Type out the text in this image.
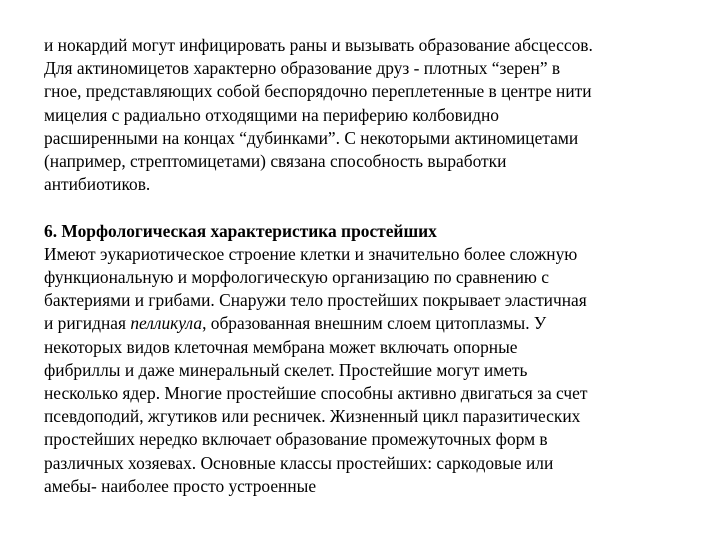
и нокардий могут инфицировать раны и вызывать образование абсцессов.
Для актиномицетов характерно образование друз - плотных “зерен” в
гное, представляющих собой беспорядочно переплетенные в центре нити
мицелия с радиально отходящими на периферию колбовидно
расширенными на концах “дубинками”. С некоторыми актиномицетами
(например, стрептомицетами) связана способность выработки
антибиотиков.
6. Морфологическая характеристика простейших
Имеют эукариотическое строение клетки и значительно более сложную
функциональную и морфологическую организацию по сравнению с
бактериями и грибами. Снаружи тело простейших покрывает эластичная
и ригидная пелликула, образованная внешним слоем цитоплазмы. У
некоторых видов клеточная мембрана может включать опорные
фибриллы и даже минеральный скелет. Простейшие могут иметь
несколько ядер. Многие простейшие способны активно двигаться за счет
псевдоподий, жгутиков или ресничек. Жизненный цикл паразитических
простейших нередко включает образование промежуточных форм в
различных хозяевах. Основные классы простейших: саркодовые или
амебы- наиболее просто устроенные
